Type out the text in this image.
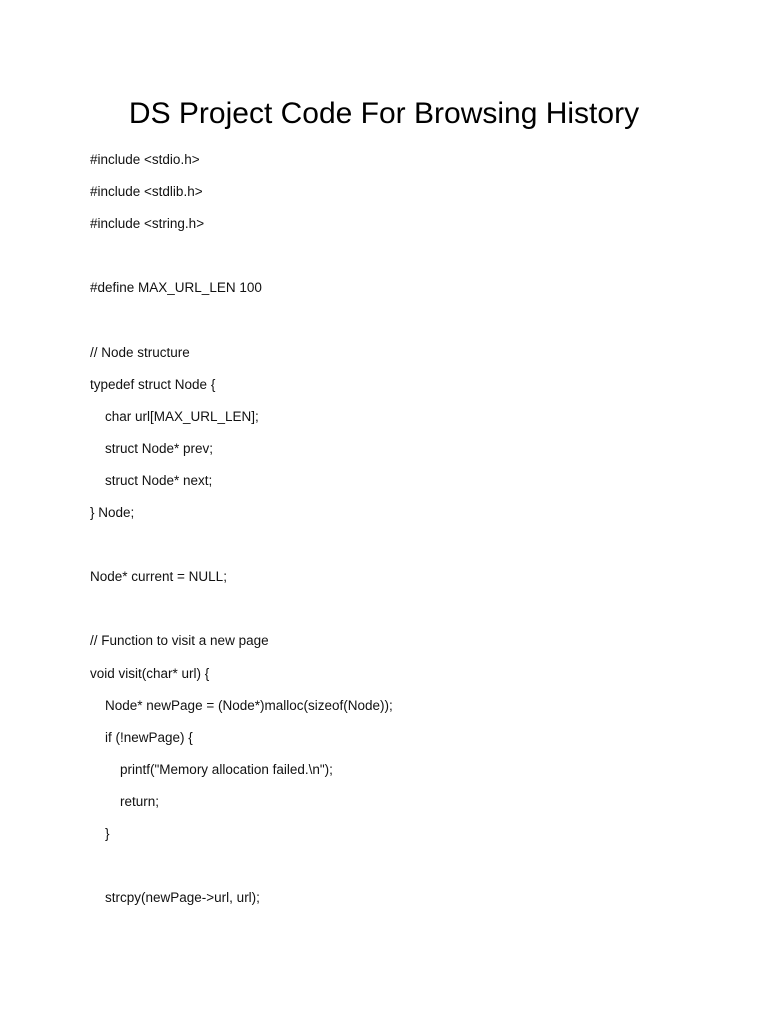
DS Project Code For Browsing History
#include <stdio.h>
#include <stdlib.h>
#include <string.h>
#define MAX_URL_LEN 100
// Node structure
typedef struct Node {
char url[MAX_URL_LEN];
struct Node* prev;
struct Node* next;
} Node;
Node* current = NULL;
// Function to visit a new page
void visit(char* url) {
Node* newPage = (Node*)malloc(sizeof(Node));
if (!newPage) {
printf("Memory allocation failed.\n");
return;
}
strcpy(newPage->url, url);
